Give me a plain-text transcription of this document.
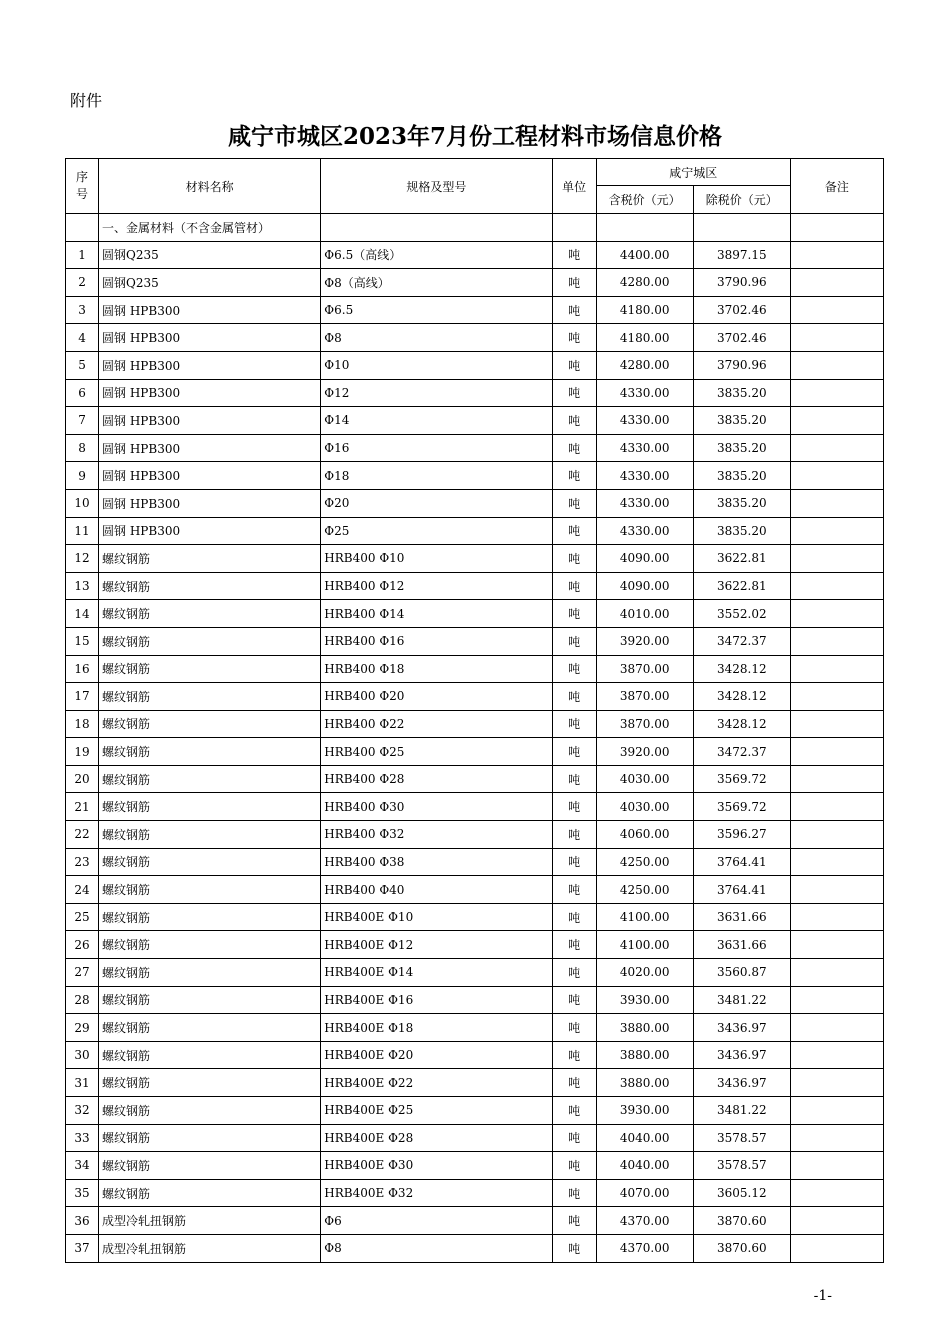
附件
咸宁市城区2023年7月份工程材料市场信息价格
序号	材料名称	规格及型号	单位	咸宁城区		备注
				含税价（元）	除税价（元）	
	一、金属材料（不含金属管材）					
1	圆钢Q235	Φ6.5（高线）	吨	4400.00	3897.15	
2	圆钢Q235	Φ8（高线）	吨	4280.00	3790.96	
3	圆钢 HPB300	Φ6.5	吨	4180.00	3702.46	
4	圆钢 HPB300	Φ8	吨	4180.00	3702.46	
5	圆钢 HPB300	Φ10	吨	4280.00	3790.96	
6	圆钢 HPB300	Φ12	吨	4330.00	3835.20	
7	圆钢 HPB300	Φ14	吨	4330.00	3835.20	
8	圆钢 HPB300	Φ16	吨	4330.00	3835.20	
9	圆钢 HPB300	Φ18	吨	4330.00	3835.20	
10	圆钢 HPB300	Φ20	吨	4330.00	3835.20	
11	圆钢 HPB300	Φ25	吨	4330.00	3835.20	
12	螺纹钢筋	HRB400 Φ10	吨	4090.00	3622.81	
13	螺纹钢筋	HRB400 Φ12	吨	4090.00	3622.81	
14	螺纹钢筋	HRB400 Φ14	吨	4010.00	3552.02	
15	螺纹钢筋	HRB400 Φ16	吨	3920.00	3472.37	
16	螺纹钢筋	HRB400 Φ18	吨	3870.00	3428.12	
17	螺纹钢筋	HRB400 Φ20	吨	3870.00	3428.12	
18	螺纹钢筋	HRB400 Φ22	吨	3870.00	3428.12	
19	螺纹钢筋	HRB400 Φ25	吨	3920.00	3472.37	
20	螺纹钢筋	HRB400 Φ28	吨	4030.00	3569.72	
21	螺纹钢筋	HRB400 Φ30	吨	4030.00	3569.72	
22	螺纹钢筋	HRB400 Φ32	吨	4060.00	3596.27	
23	螺纹钢筋	HRB400 Φ38	吨	4250.00	3764.41	
24	螺纹钢筋	HRB400 Φ40	吨	4250.00	3764.41	
25	螺纹钢筋	HRB400E Φ10	吨	4100.00	3631.66	
26	螺纹钢筋	HRB400E Φ12	吨	4100.00	3631.66	
27	螺纹钢筋	HRB400E Φ14	吨	4020.00	3560.87	
28	螺纹钢筋	HRB400E Φ16	吨	3930.00	3481.22	
29	螺纹钢筋	HRB400E Φ18	吨	3880.00	3436.97	
30	螺纹钢筋	HRB400E Φ20	吨	3880.00	3436.97	
31	螺纹钢筋	HRB400E Φ22	吨	3880.00	3436.97	
32	螺纹钢筋	HRB400E Φ25	吨	3930.00	3481.22	
33	螺纹钢筋	HRB400E Φ28	吨	4040.00	3578.57	
34	螺纹钢筋	HRB400E Φ30	吨	4040.00	3578.57	
35	螺纹钢筋	HRB400E Φ32	吨	4070.00	3605.12	
36	成型冷轧扭钢筋	Φ6	吨	4370.00	3870.60	
37	成型冷轧扭钢筋	Φ8	吨	4370.00	3870.60	
-1-
